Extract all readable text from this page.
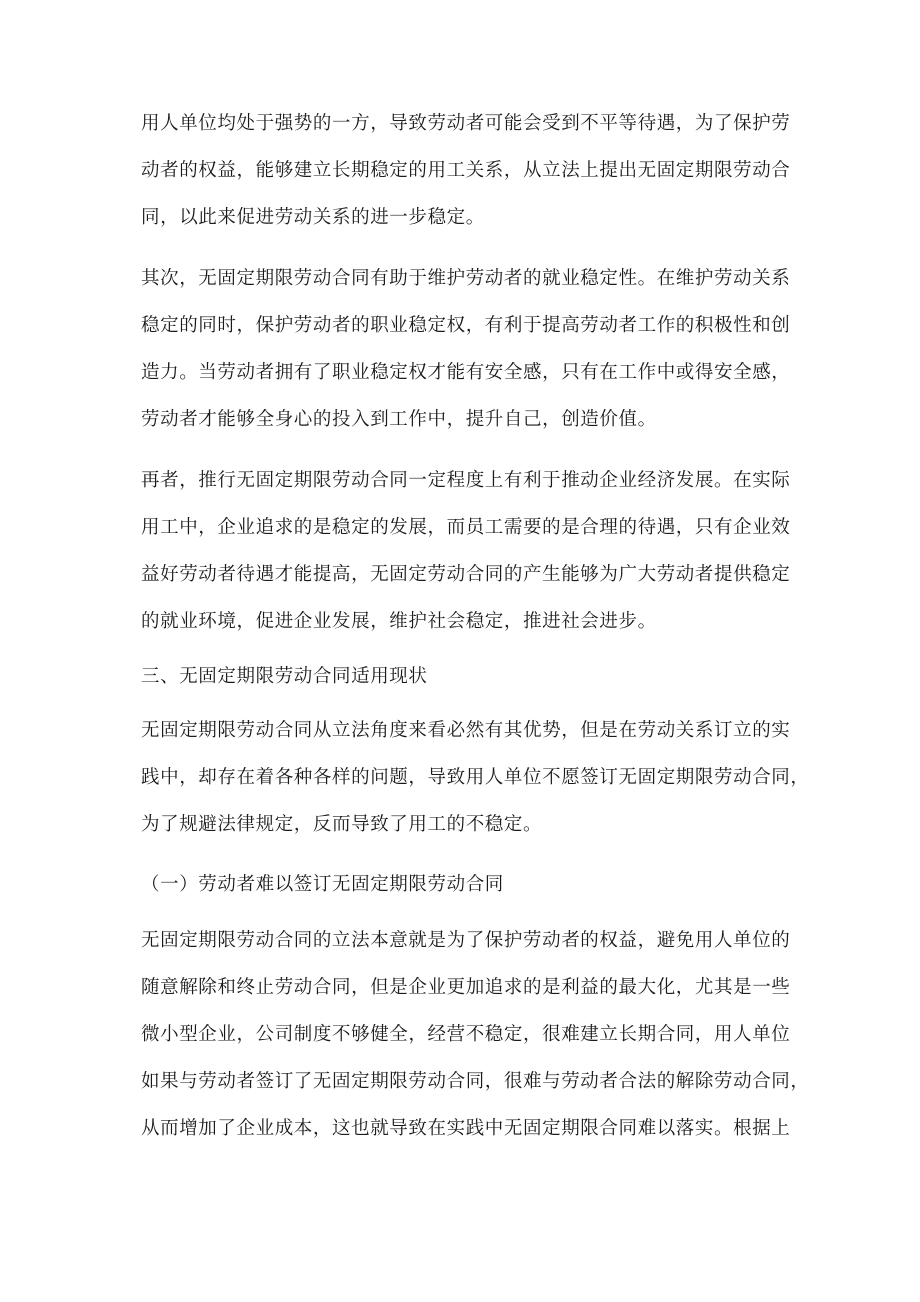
用人单位均处于强势的一方，导致劳动者可能会受到不平等待遇，为了保护劳
动者的权益，能够建立长期稳定的用工关系，从立法上提出无固定期限劳动合
同，以此来促进劳动关系的进一步稳定。
其次，无固定期限劳动合同有助于维护劳动者的就业稳定性。在维护劳动关系
稳定的同时，保护劳动者的职业稳定权，有利于提高劳动者工作的积极性和创
造力。当劳动者拥有了职业稳定权才能有安全感，只有在工作中或得安全感，
劳动者才能够全身心的投入到工作中，提升自己，创造价值。
再者，推行无固定期限劳动合同一定程度上有利于推动企业经济发展。在实际
用工中，企业追求的是稳定的发展，而员工需要的是合理的待遇，只有企业效
益好劳动者待遇才能提高，无固定劳动合同的产生能够为广大劳动者提供稳定
的就业环境，促进企业发展，维护社会稳定，推进社会进步。
三、无固定期限劳动合同适用现状
无固定期限劳动合同从立法角度来看必然有其优势，但是在劳动关系订立的实
践中，却存在着各种各样的问题，导致用人单位不愿签订无固定期限劳动合同，
为了规避法律规定，反而导致了用工的不稳定。
（一）劳动者难以签订无固定期限劳动合同
无固定期限劳动合同的立法本意就是为了保护劳动者的权益，避免用人单位的
随意解除和终止劳动合同，但是企业更加追求的是利益的最大化，尤其是一些
微小型企业，公司制度不够健全，经营不稳定，很难建立长期合同，用人单位
如果与劳动者签订了无固定期限劳动合同，很难与劳动者合法的解除劳动合同，
从而增加了企业成本，这也就导致在实践中无固定期限合同难以落实。根据上
